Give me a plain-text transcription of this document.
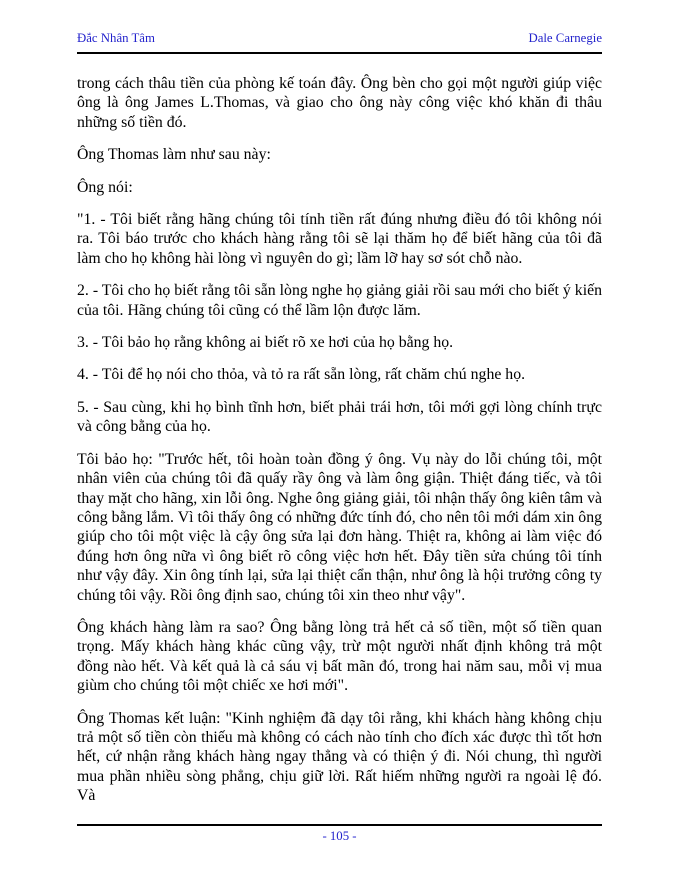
Đắc Nhân Tâm	Dale Carnegie

trong cách thâu tiền của phòng kế toán đây. Ông bèn cho gọi một người giúp việc ông là ông James L.Thomas, và giao cho ông này công việc khó khăn đi thâu những số tiền đó.

Ông Thomas làm như sau này:

Ông nói:

"1. - Tôi biết rằng hãng chúng tôi tính tiền rất đúng nhưng điều đó tôi không nói ra. Tôi báo trước cho khách hàng rằng tôi sẽ lại thăm họ để biết hãng của tôi đã làm cho họ không hài lòng vì nguyên do gì; lầm lỡ hay sơ sót chỗ nào.

2. - Tôi cho họ biết rằng tôi sẵn lòng nghe họ giảng giải rồi sau mới cho biết ý kiến của tôi. Hãng chúng tôi cũng có thể lầm lộn được lăm.

3. - Tôi bảo họ rằng không ai biết rõ xe hơi của họ bằng họ.

4. - Tôi để họ nói cho thỏa, và tỏ ra rất sẵn lòng, rất chăm chú nghe họ.

5. - Sau cùng, khi họ bình tĩnh hơn, biết phải trái hơn, tôi mới gợi lòng chính trực và công bằng của họ.

Tôi bảo họ: "Trước hết, tôi hoàn toàn đồng ý ông. Vụ này do lỗi chúng tôi, một nhân viên của chúng tôi đã quấy rầy ông và làm ông giận. Thiệt đáng tiếc, và tôi thay mặt cho hãng, xin lỗi ông. Nghe ông giảng giải, tôi nhận thấy ông kiên tâm và công bằng lắm. Vì tôi thấy ông có những đức tính đó, cho nên tôi mới dám xin ông giúp cho tôi một việc là cậy ông sửa lại đơn hàng. Thiệt ra, không ai làm việc đó đúng hơn ông nữa vì ông biết rõ công việc hơn hết. Đây tiền sửa chúng tôi tính như vậy đây. Xin ông tính lại, sửa lại thiệt cẩn thận, như ông là hội trưởng công ty chúng tôi vậy. Rồi ông định sao, chúng tôi xin theo như vậy".

Ông khách hàng làm ra sao? Ông bằng lòng trả hết cả số tiền, một số tiền quan trọng. Mấy khách hàng khác cũng vậy, trừ một người nhất định không trả một đồng nào hết. Và kết quả là cả sáu vị bất mãn đó, trong hai năm sau, mỗi vị mua giùm cho chúng tôi một chiếc xe hơi mới".

Ông Thomas kết luận: "Kinh nghiệm đã dạy tôi rằng, khi khách hàng không chịu trả một số tiền còn thiếu mà không có cách nào tính cho đích xác được thì tốt hơn hết, cứ nhận rằng khách hàng ngay thẳng và có thiện ý đi. Nói chung, thì người mua phần nhiều sòng phẳng, chịu giữ lời. Rất hiếm những người ra ngoài lệ đó. Và

- 105 -
